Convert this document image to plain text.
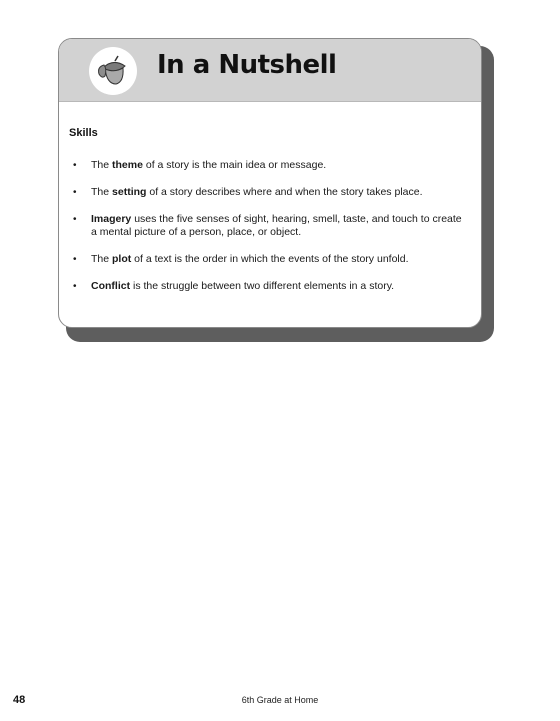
In a Nutshell
Skills
• The theme of a story is the main idea or message.
• The setting of a story describes where and when the story takes place.
• Imagery uses the five senses of sight, hearing, smell, taste, and touch to create a mental picture of a person, place, or object.
• The plot of a text is the order in which the events of the story unfold.
• Conflict is the struggle between two different elements in a story.
48	6th Grade at Home
